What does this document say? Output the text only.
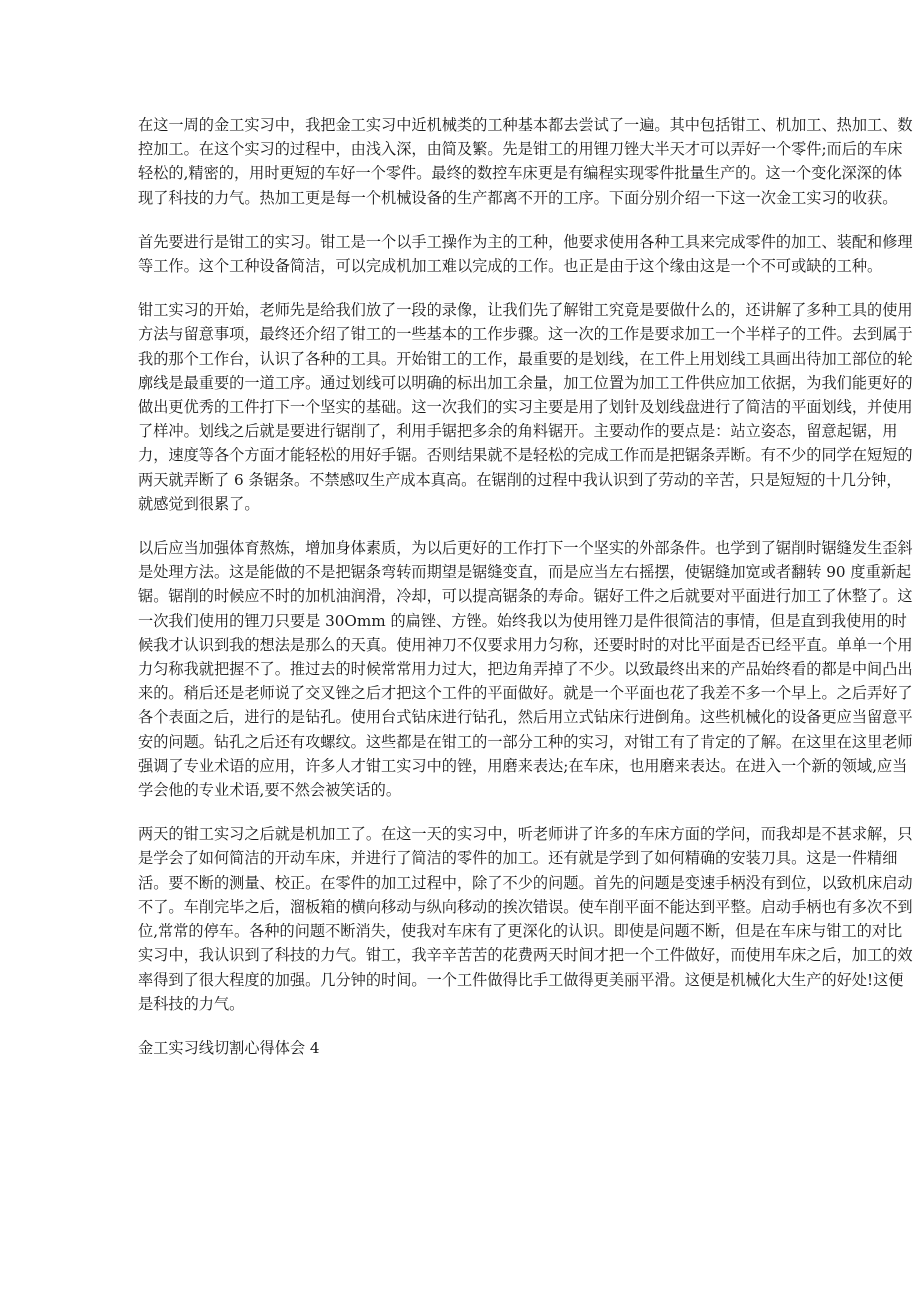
在这一周的金工实习中，我把金工实习中近机械类的工种基本都去尝试了一遍。其中包括钳工、机加工、热加工、数控加工。在这个实习的过程中，由浅入深，由简及繁。先是钳工的用锂刀锉大半天才可以弄好一个零件;而后的车床轻松的,精密的，用时更短的车好一个零件。最终的数控车床更是有编程实现零件批量生产的。这一个变化深深的体现了科技的力气。热加工更是每一个机械设备的生产都离不开的工序。下面分别介绍一下这一次金工实习的收获。

首先要进行是钳工的实习。钳工是一个以手工操作为主的工种，他要求使用各种工具来完成零件的加工、装配和修理等工作。这个工种设备简洁，可以完成机加工难以完成的工作。也正是由于这个缘由这是一个不可或缺的工种。

钳工实习的开始，老师先是给我们放了一段的录像，让我们先了解钳工究竟是要做什么的，还讲解了多种工具的使用方法与留意事项，最终还介绍了钳工的一些基本的工作步骤。这一次的工作是要求加工一个半样子的工件。去到属于我的那个工作台，认识了各种的工具。开始钳工的工作，最重要的是划线，在工件上用划线工具画出待加工部位的轮廓线是最重要的一道工序。通过划线可以明确的标出加工余量，加工位置为加工工件供应加工依据，为我们能更好的做出更优秀的工件打下一个坚实的基础。这一次我们的实习主要是用了划针及划线盘进行了简洁的平面划线，并使用了样冲。划线之后就是要进行锯削了，利用手锯把多余的角料锯开。主要动作的要点是：站立姿态，留意起锯，用力，速度等各个方面才能轻松的用好手锯。否则结果就不是轻松的完成工作而是把锯条弄断。有不少的同学在短短的两天就弄断了 6 条锯条。不禁感叹生产成本真高。在锯削的过程中我认识到了劳动的辛苦，只是短短的十几分钟，就感觉到很累了。

以后应当加强体育熬炼，增加身体素质，为以后更好的工作打下一个坚实的外部条件。也学到了锯削时锯缝发生歪斜是处理方法。这是能做的不是把锯条弯转而期望是锯缝变直，而是应当左右摇摆，使锯缝加宽或者翻转 90 度重新起锯。锯削的时候应不时的加机油润滑，冷却，可以提高锯条的寿命。锯好工件之后就要对平面进行加工了休整了。这一次我们使用的锂刀只要是 30Omm 的扁锉、方锉。始终我以为使用锉刀是件很简洁的事情，但是直到我使用的时候我才认识到我的想法是那么的天真。使用神刀不仅要求用力匀称，还要时时的对比平面是否已经平直。单单一个用力匀称我就把握不了。推过去的时候常常用力过大，把边角弄掉了不少。以致最终出来的产品始终看的都是中间凸出来的。稍后还是老师说了交叉锉之后才把这个工件的平面做好。就是一个平面也花了我差不多一个早上。之后弄好了各个表面之后，进行的是钻孔。使用台式钻床进行钻孔，然后用立式钻床行进倒角。这些机械化的设备更应当留意平安的问题。钻孔之后还有攻螺纹。这些都是在钳工的一部分工种的实习，对钳工有了肯定的了解。在这里在这里老师强调了专业术语的应用，许多人才钳工实习中的锉，用磨来表达;在车床，也用磨来表达。在进入一个新的领域,应当学会他的专业术语,要不然会被笑话的。

两天的钳工实习之后就是机加工了。在这一天的实习中，听老师讲了许多的车床方面的学问，而我却是不甚求解，只是学会了如何简洁的开动车床，并进行了简洁的零件的加工。还有就是学到了如何精确的安装刀具。这是一件精细活。要不断的测量、校正。在零件的加工过程中，除了不少的问题。首先的问题是变速手柄没有到位，以致机床启动不了。车削完毕之后，溜板箱的横向移动与纵向移动的挨次错误。使车削平面不能达到平整。启动手柄也有多次不到位,常常的停车。各种的问题不断消失，使我对车床有了更深化的认识。即使是问题不断，但是在车床与钳工的对比实习中，我认识到了科技的力气。钳工，我辛辛苦苦的花费两天时间才把一个工件做好，而使用车床之后，加工的效率得到了很大程度的加强。几分钟的时间。一个工件做得比手工做得更美丽平滑。这便是机械化大生产的好处!这便是科技的力气。

金工实习线切割心得体会 4
